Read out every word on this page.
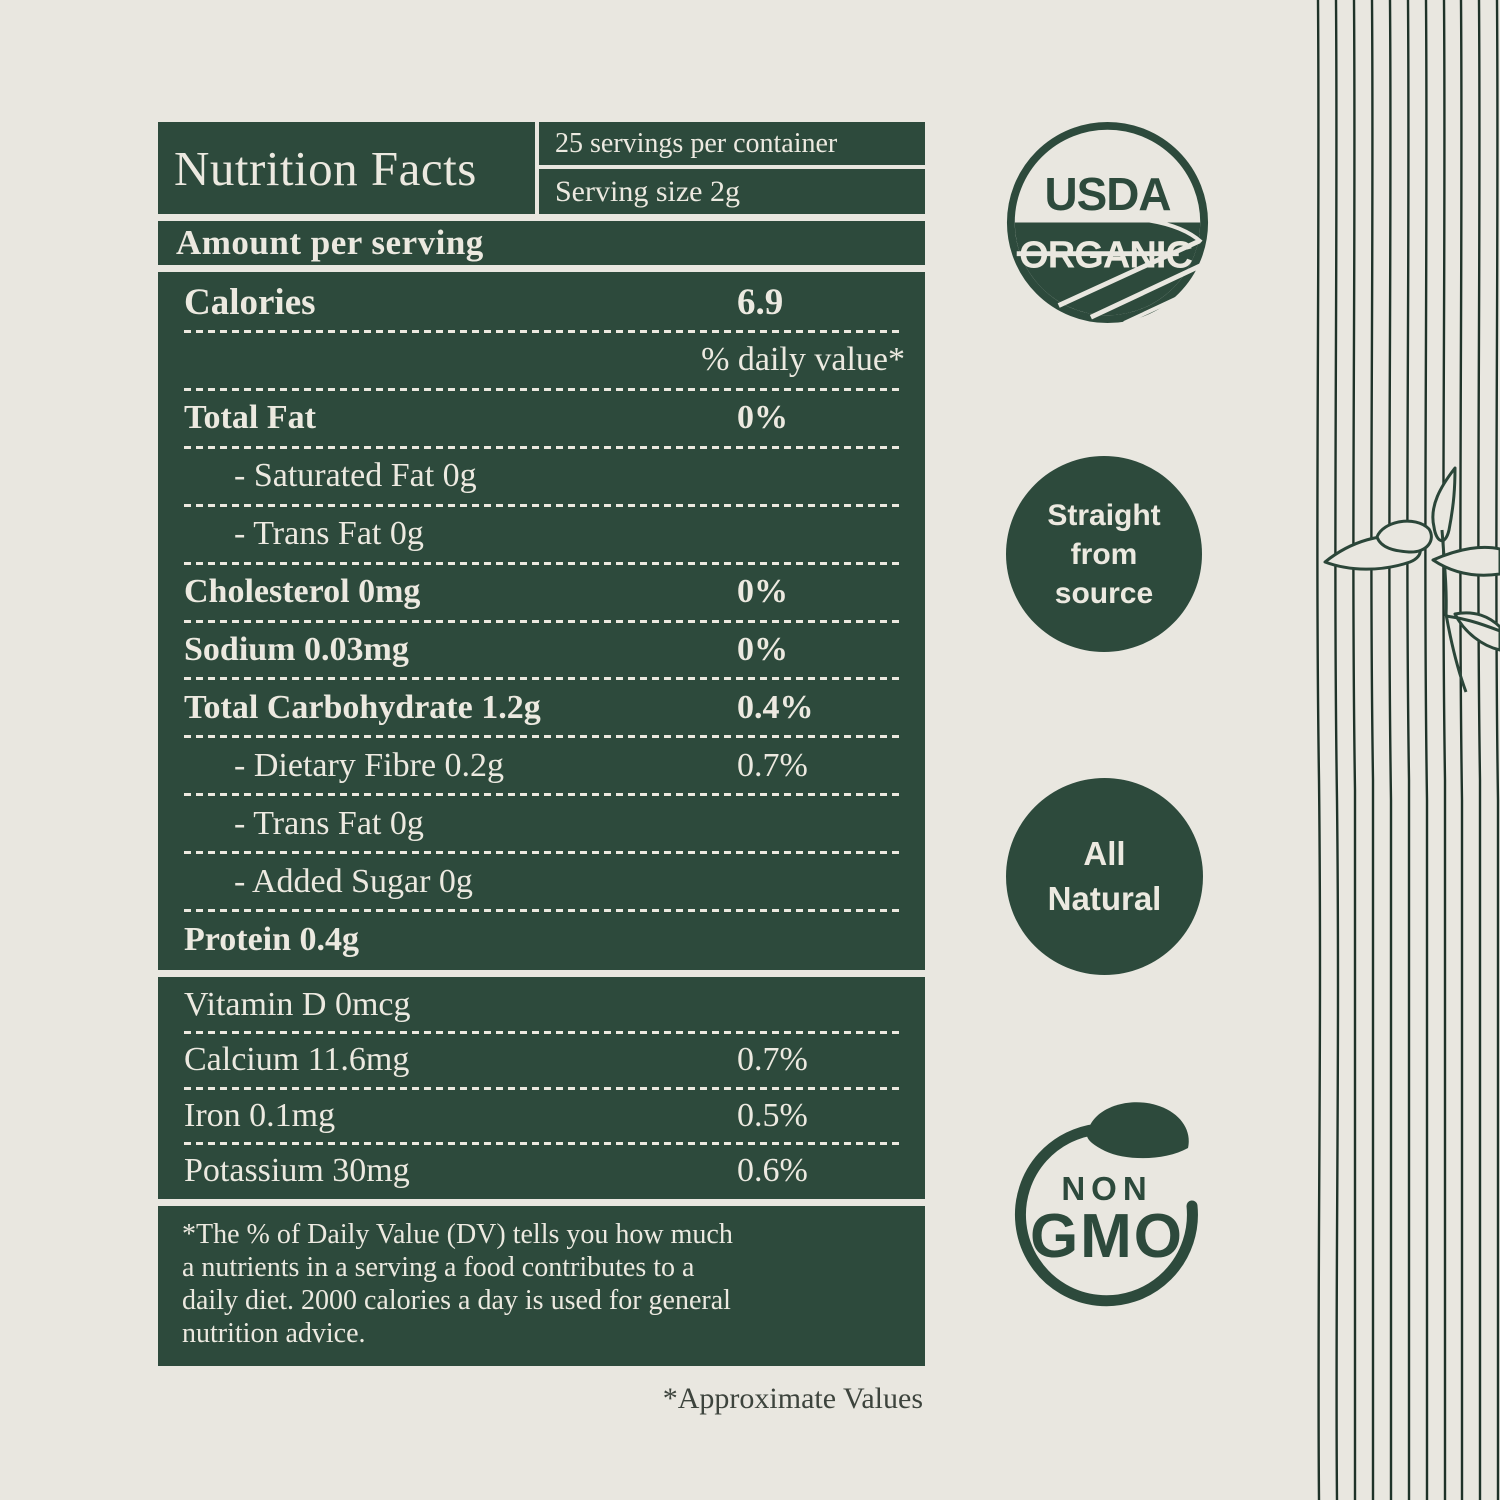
Nutrition Facts	25 servings per container
Serving size 2g
Amount per serving
Calories	6.9
% daily value*
Total Fat	0%
- Saturated Fat 0g
- Trans Fat 0g
Cholesterol 0mg	0%
Sodium 0.03mg	0%
Total Carbohydrate 1.2g	0.4%
- Dietary Fibre 0.2g	0.7%
- Trans Fat 0g
- Added Sugar 0g
Protein 0.4g
Vitamin D 0mcg
Calcium 11.6mg	0.7%
Iron 0.1mg	0.5%
Potassium 30mg	0.6%
*The % of Daily Value (DV) tells you how much
a nutrients in a serving a food contributes to a
daily diet. 2000 calories a day is used for general
nutrition advice.
*Approximate Values
USDA
ORGANIC
Straight
from
source
All
Natural
NON
GMO
